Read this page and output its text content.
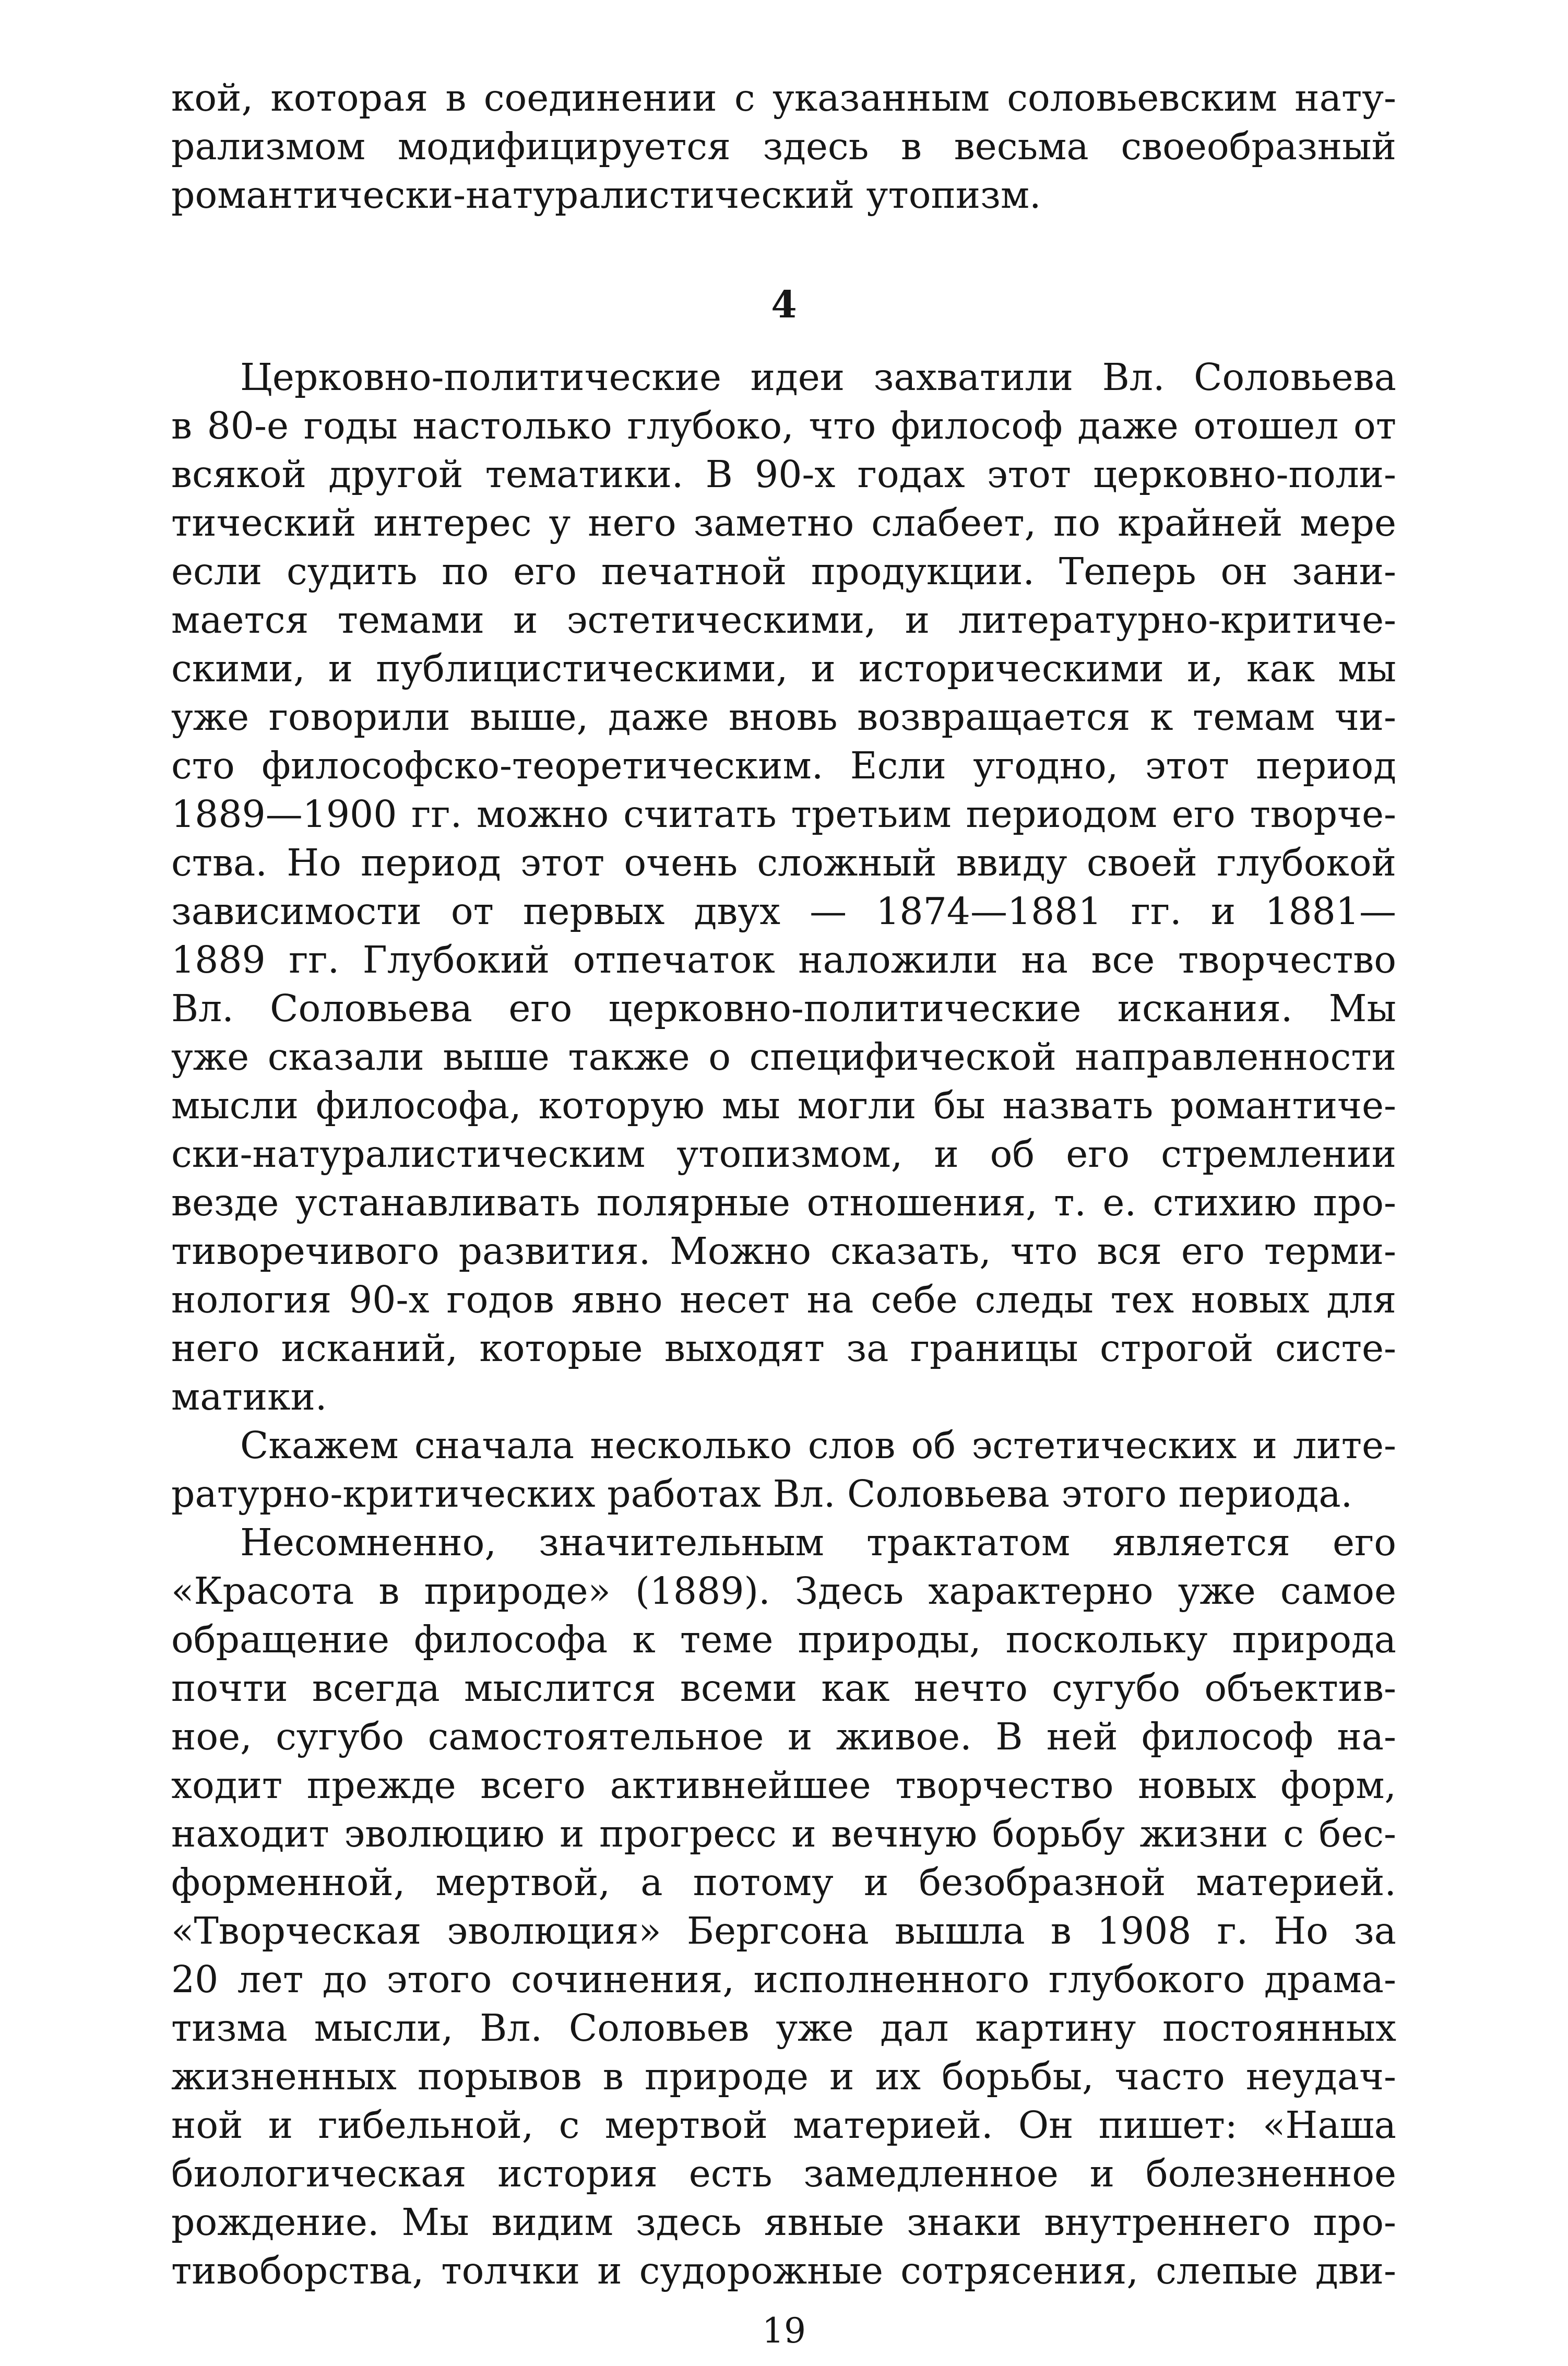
кой, которая в соединении с указанным соловьевским нату-
рализмом модифицируется здесь в весьма своеобразный
романтически-натуралистический утопизм.
4
Церковно-политические идеи захватили Вл. Соловьева
в 80-е годы настолько глубоко, что философ даже отошел от
всякой другой тематики. В 90-х годах этот церковно-поли-
тический интерес у него заметно слабеет, по крайней мере
если судить по его печатной продукции. Теперь он зани-
мается темами и эстетическими, и литературно-критиче-
скими, и публицистическими, и историческими и, как мы
уже говорили выше, даже вновь возвращается к темам чи-
сто философско-теоретическим. Если угодно, этот период
1889—1900 гг. можно считать третьим периодом его творче-
ства. Но период этот очень сложный ввиду своей глубокой
зависимости от первых двух — 1874—1881 гг. и 1881—
1889 гг. Глубокий отпечаток наложили на все творчество
Вл. Соловьева его церковно-политические искания. Мы
уже сказали выше также о специфической направленности
мысли философа, которую мы могли бы назвать романтиче-
ски-натуралистическим утопизмом, и об его стремлении
везде устанавливать полярные отношения, т. е. стихию про-
тиворечивого развития. Можно сказать, что вся его терми-
нология 90-х годов явно несет на себе следы тех новых для
него исканий, которые выходят за границы строгой систе-
матики.
Скажем сначала несколько слов об эстетических и лите-
ратурно-критических работах Вл. Соловьева этого периода.
Несомненно, значительным трактатом является его
«Красота в природе» (1889). Здесь характерно уже самое
обращение философа к теме природы, поскольку природа
почти всегда мыслится всеми как нечто сугубо объектив-
ное, сугубо самостоятельное и живое. В ней философ на-
ходит прежде всего активнейшее творчество новых форм,
находит эволюцию и прогресс и вечную борьбу жизни с бес-
форменной, мертвой, а потому и безобразной материей.
«Творческая эволюция» Бергсона вышла в 1908 г. Но за
20 лет до этого сочинения, исполненного глубокого драма-
тизма мысли, Вл. Соловьев уже дал картину постоянных
жизненных порывов в природе и их борьбы, часто неудач-
ной и гибельной, с мертвой материей. Он пишет: «Наша
биологическая история есть замедленное и болезненное
рождение. Мы видим здесь явные знаки внутреннего про-
тивоборства, толчки и судорожные сотрясения, слепые дви-
19
